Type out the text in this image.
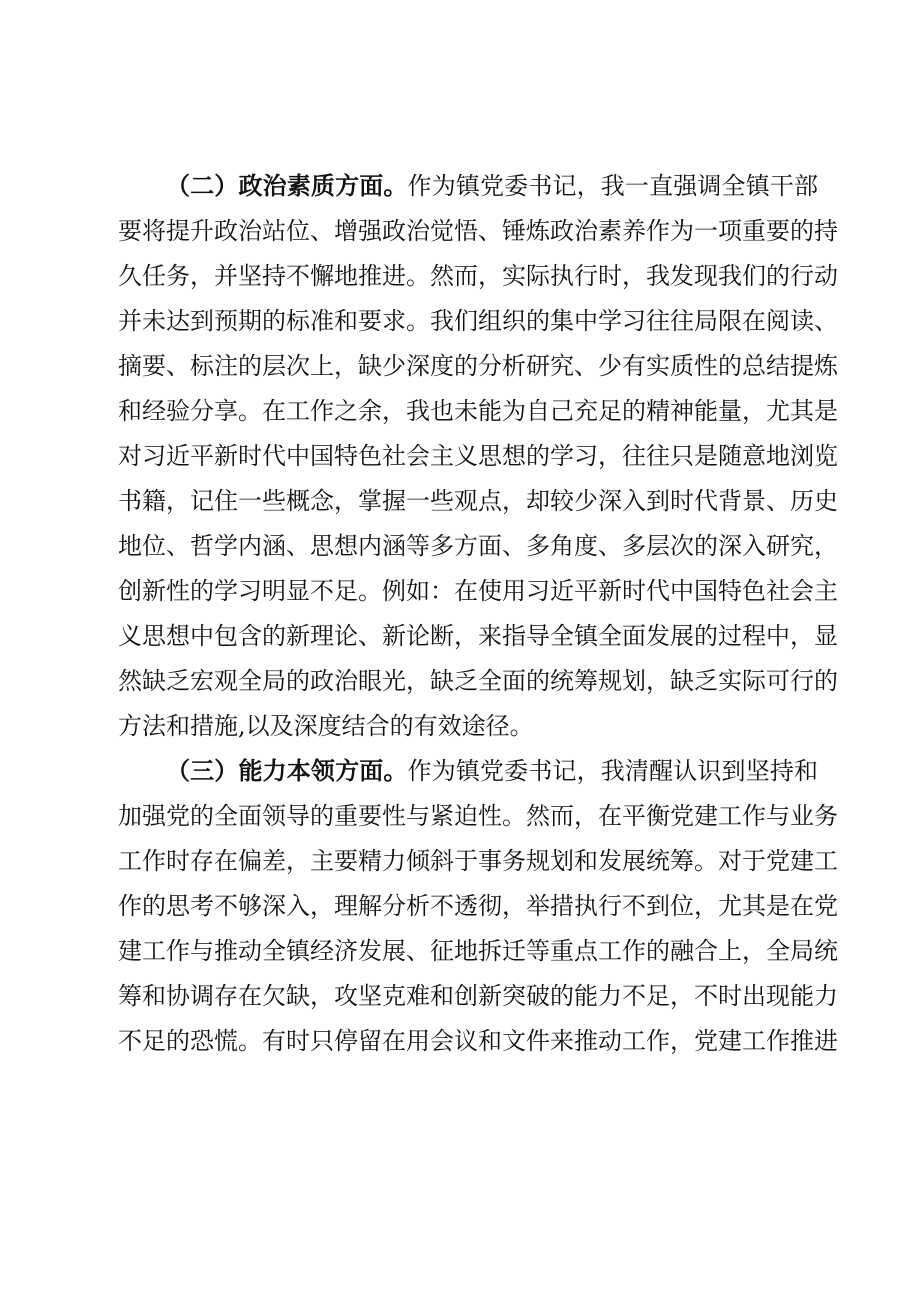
（二）政治素质方面。作为镇党委书记，我一直强调全镇干部
要将提升政治站位、增强政治觉悟、锤炼政治素养作为一项重要的持
久任务，并坚持不懈地推进。然而，实际执行时，我发现我们的行动
并未达到预期的标准和要求。我们组织的集中学习往往局限在阅读、
摘要、标注的层次上，缺少深度的分析研究、少有实质性的总结提炼
和经验分享。在工作之余，我也未能为自己充足的精神能量，尤其是
对习近平新时代中国特色社会主义思想的学习，往往只是随意地浏览
书籍，记住一些概念，掌握一些观点，却较少深入到时代背景、历史
地位、哲学内涵、思想内涵等多方面、多角度、多层次的深入研究，
创新性的学习明显不足。例如：在使用习近平新时代中国特色社会主
义思想中包含的新理论、新论断，来指导全镇全面发展的过程中，显
然缺乏宏观全局的政治眼光，缺乏全面的统筹规划，缺乏实际可行的
方法和措施,以及深度结合的有效途径。
（三）能力本领方面。作为镇党委书记，我清醒认识到坚持和
加强党的全面领导的重要性与紧迫性。然而，在平衡党建工作与业务
工作时存在偏差，主要精力倾斜于事务规划和发展统筹。对于党建工
作的思考不够深入，理解分析不透彻，举措执行不到位，尤其是在党
建工作与推动全镇经济发展、征地拆迁等重点工作的融合上，全局统
筹和协调存在欠缺，攻坚克难和创新突破的能力不足，不时出现能力
不足的恐慌。有时只停留在用会议和文件来推动工作，党建工作推进
